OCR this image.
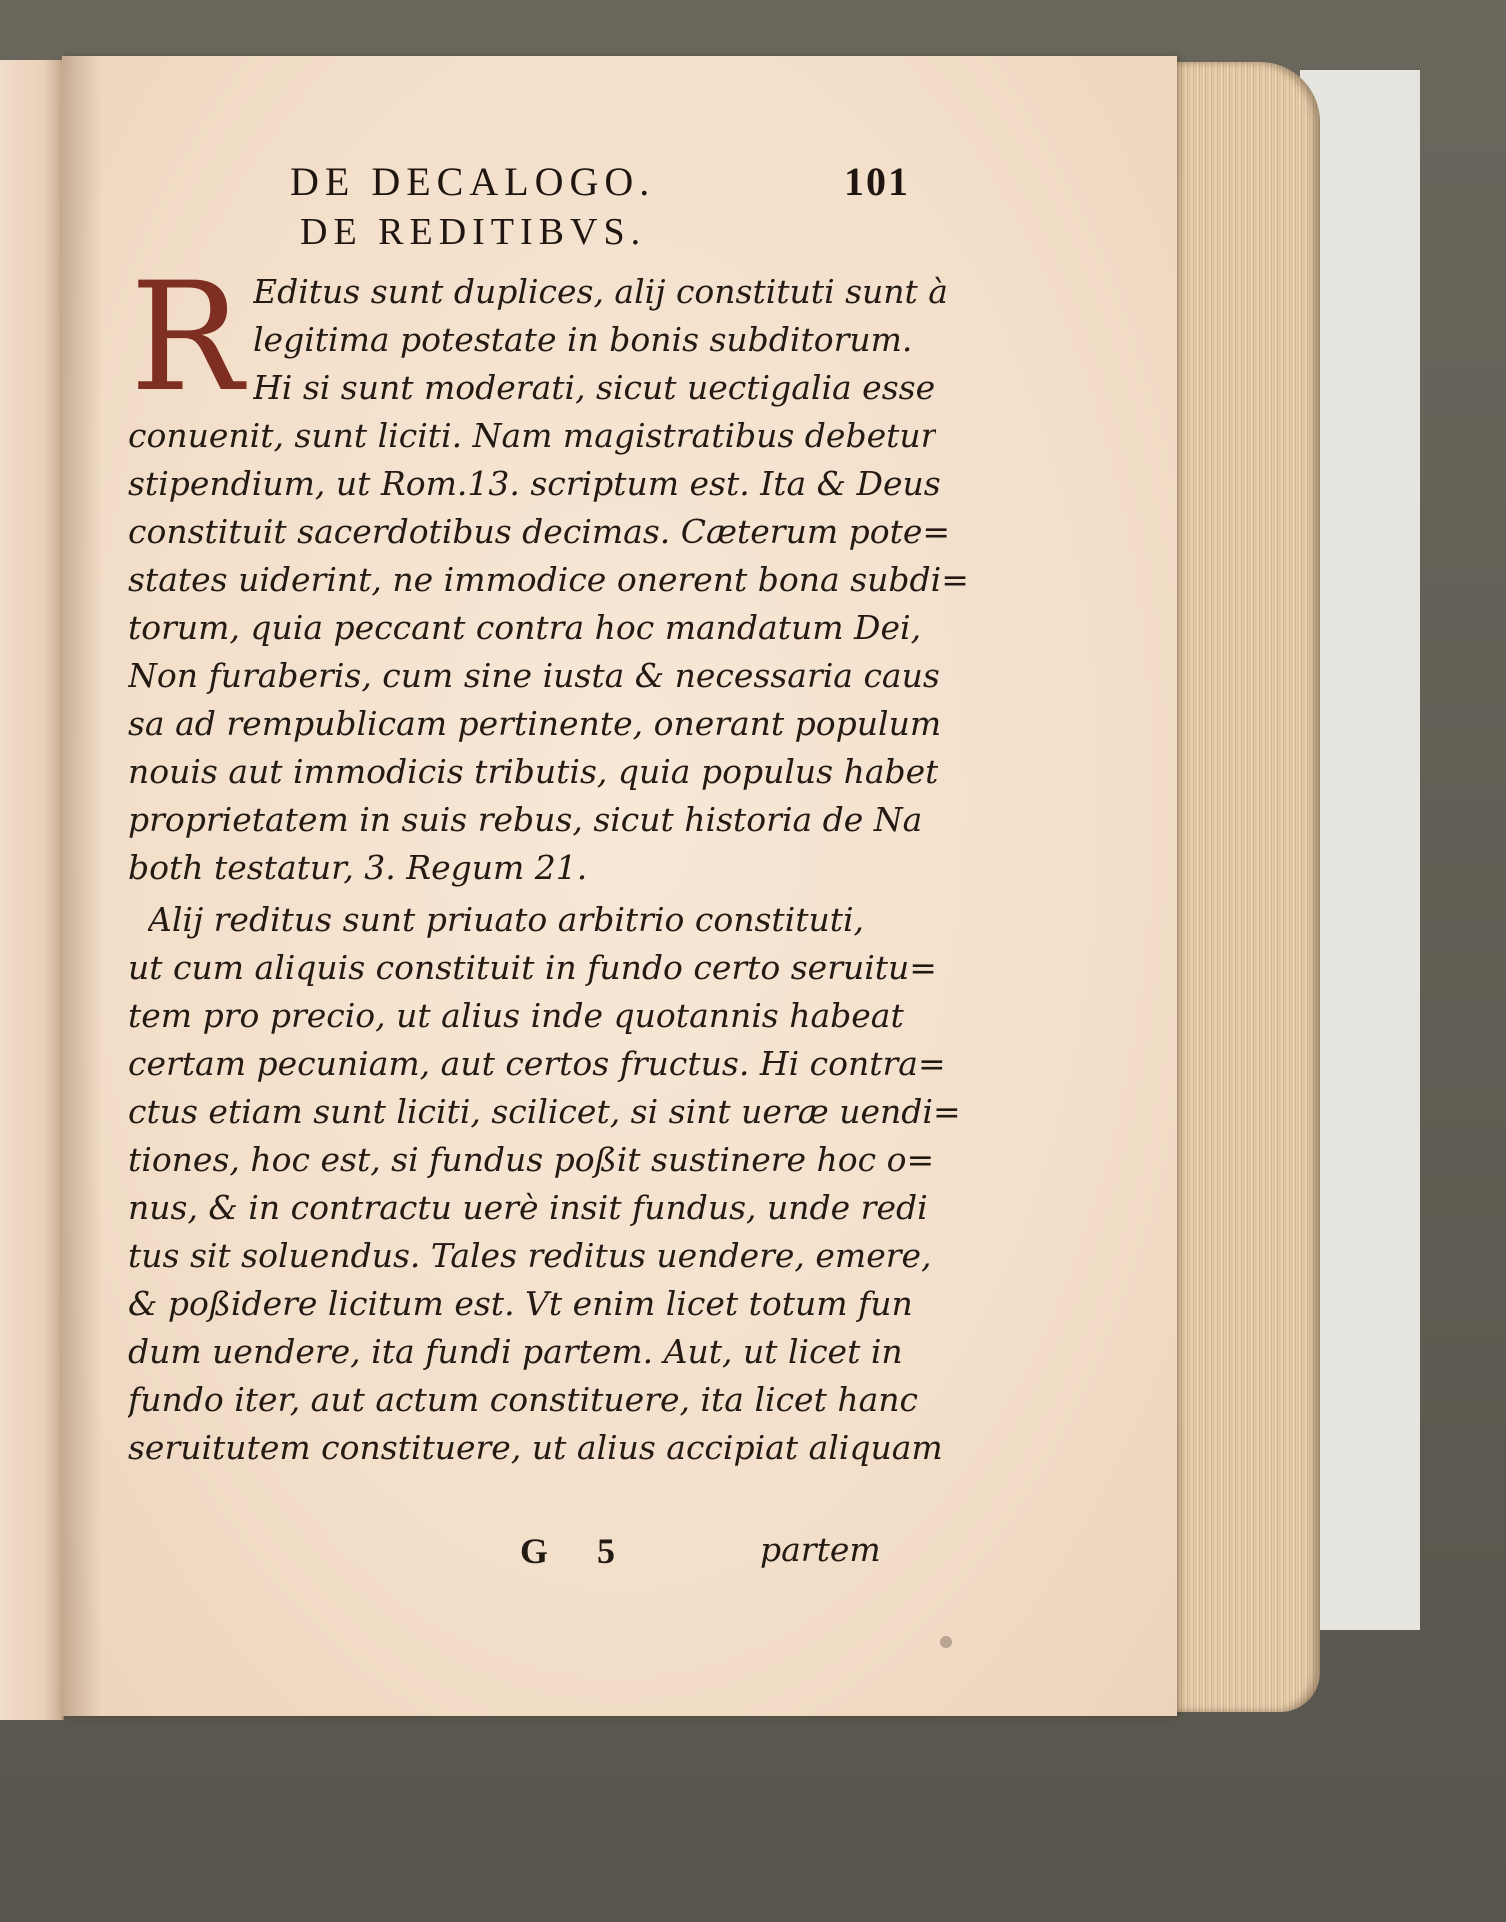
DE DECALOGO.	101
DE REDITIBVS.
R Editus sunt duplices, alij constituti sunt à
legitima potestate in bonis subditorum.
Hi si sunt moderati, sicut uectigalia esse
conuenit, sunt liciti. Nam magistratibus debetur
stipendium, ut Rom.13. scriptum est. Ita & Deus
constituit sacerdotibus decimas. Cæterum pote=
states uiderint, ne immodice onerent bona subdi=
torum, quia peccant contra hoc mandatum Dei,
Non furaberis, cum sine iusta & necessaria caus
sa ad rempublicam pertinente, onerant populum
nouis aut immodicis tributis, quia populus habet
proprietatem in suis rebus, sicut historia de Na
both testatur, 3. Regum 21.
Alij reditus sunt priuato arbitrio constituti,
ut cum aliquis constituit in fundo certo seruitu=
tem pro precio, ut alius inde quotannis habeat
certam pecuniam, aut certos fructus. Hi contra=
ctus etiam sunt liciti, scilicet, si sint ueræ uendi=
tiones, hoc est, si fundus poßit sustinere hoc o=
nus, & in contractu uerè insit fundus, unde redi
tus sit soluendus. Tales reditus uendere, emere,
& poßidere licitum est. Vt enim licet totum fun
dum uendere, ita fundi partem. Aut, ut licet in
fundo iter, aut actum constituere, ita licet hanc
seruitutem constituere, ut alius accipiat aliquam
G 5	partem
